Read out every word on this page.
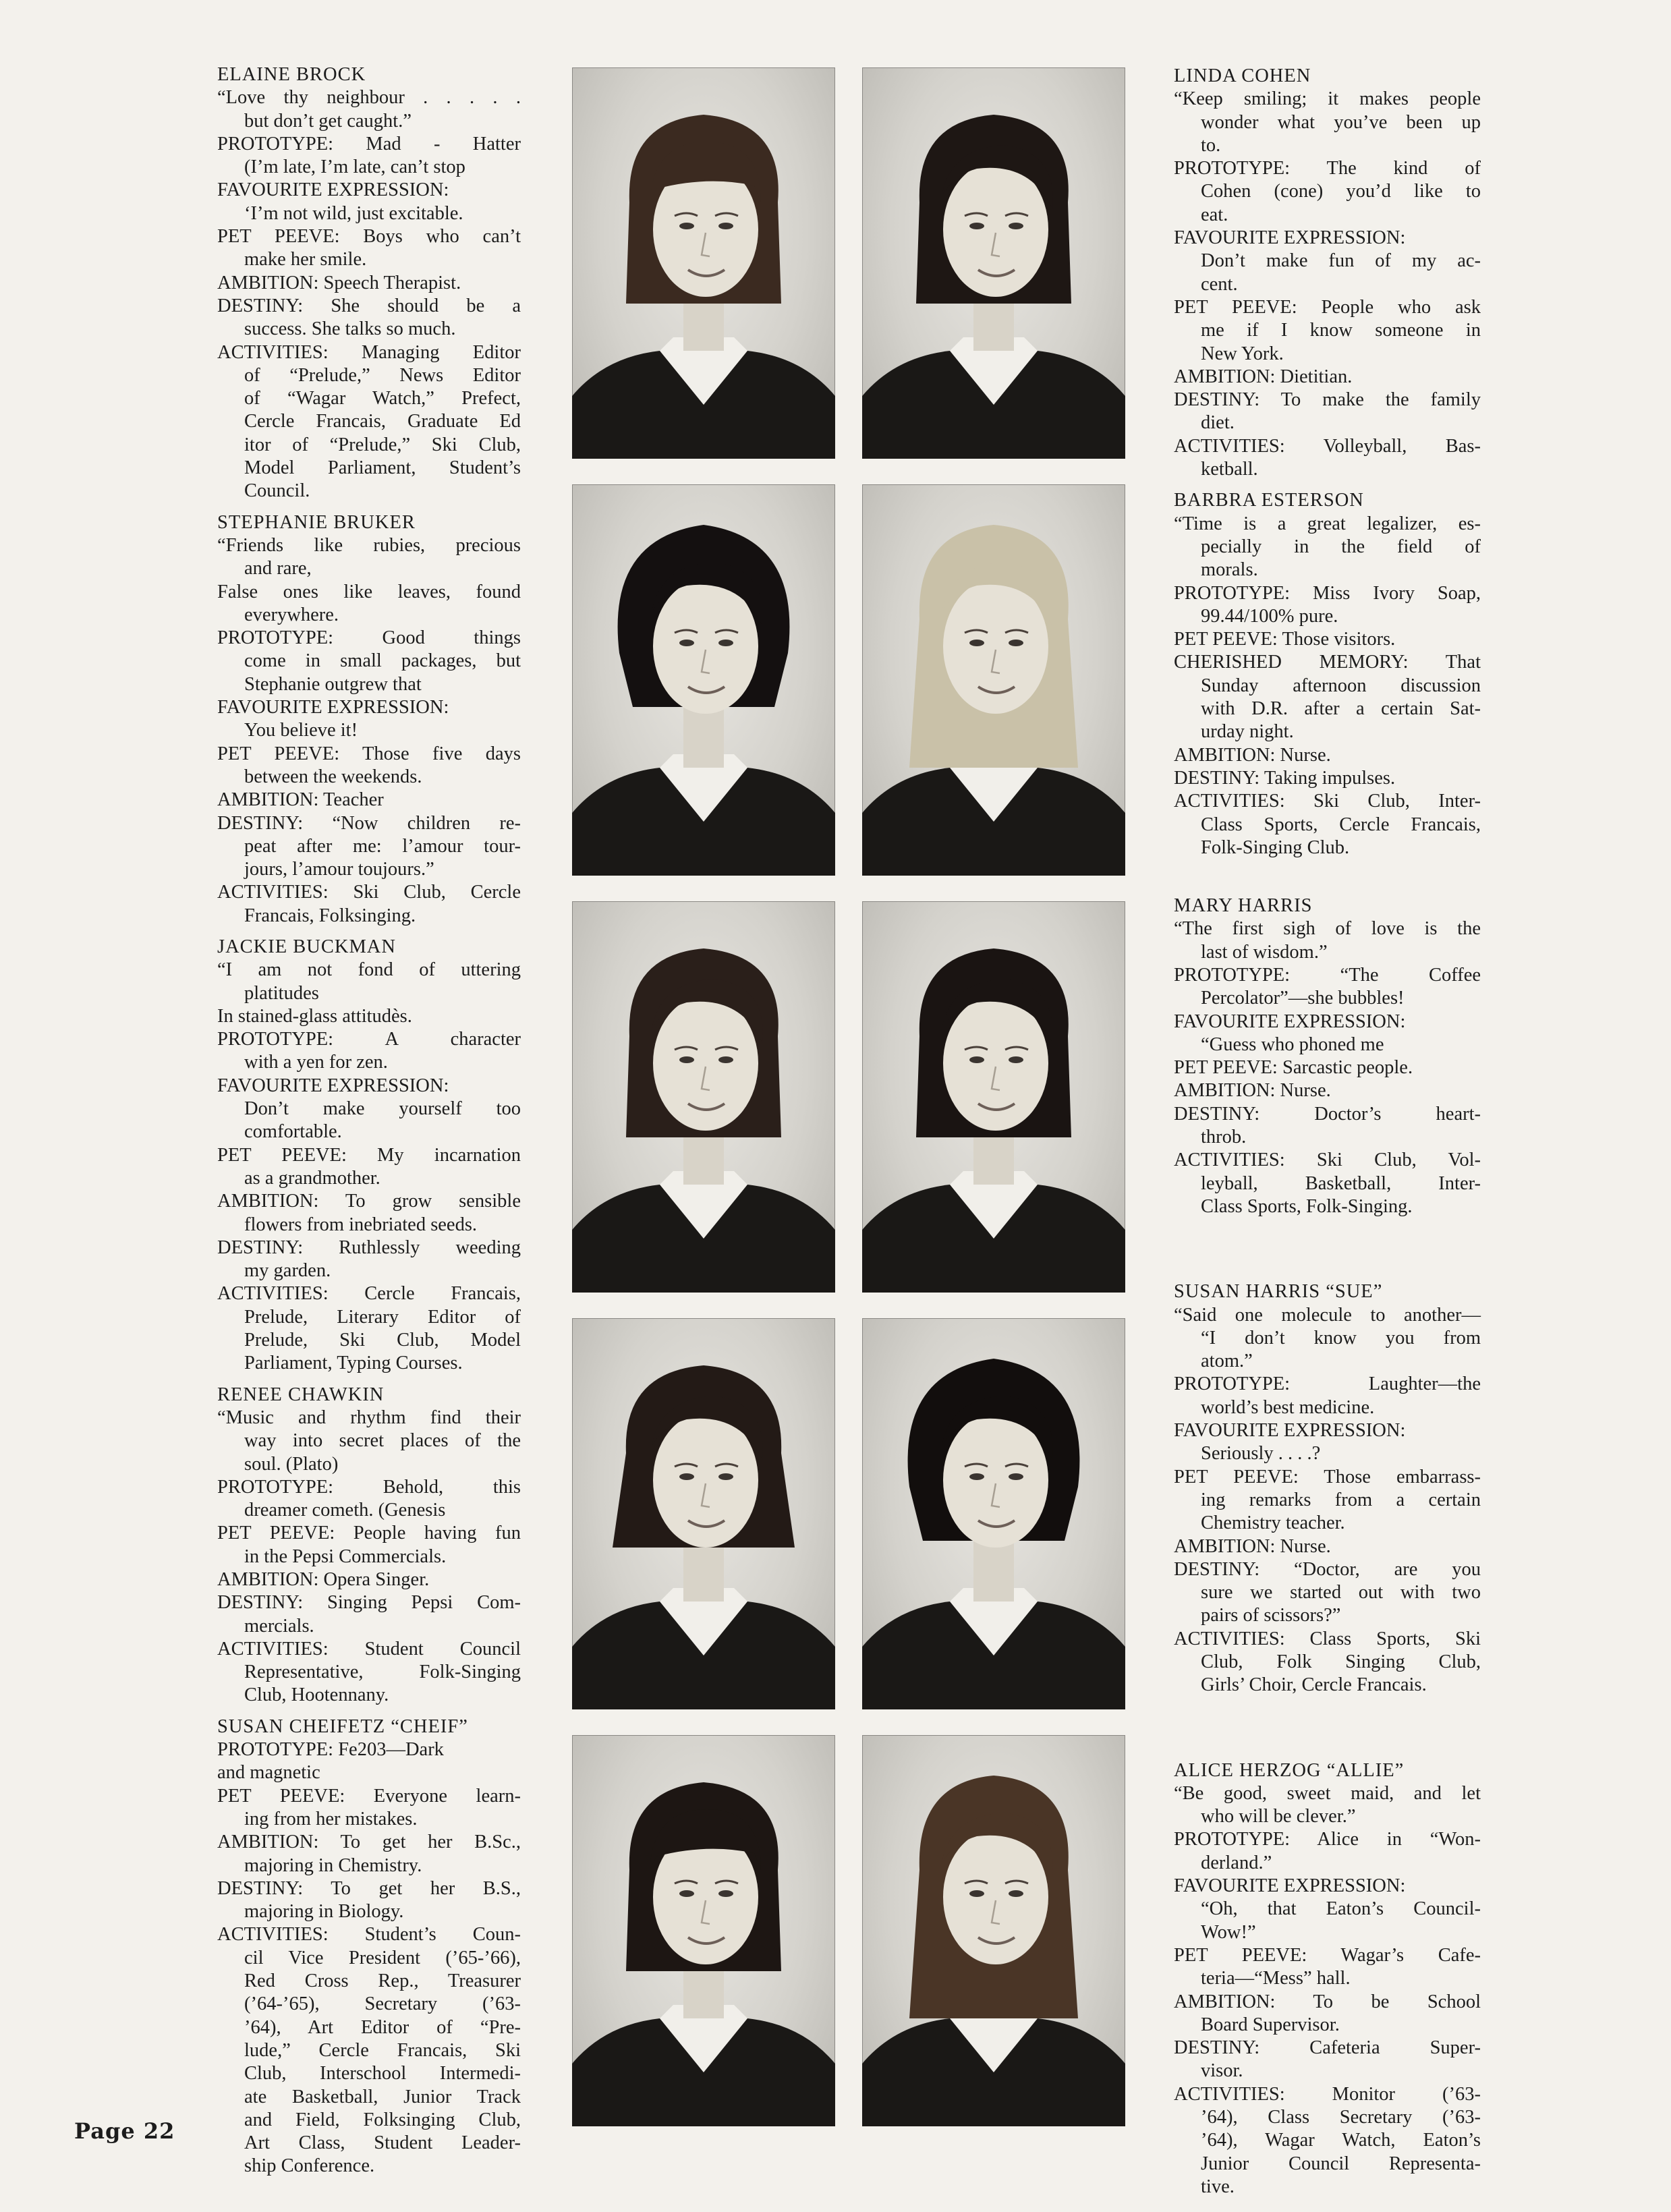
ELAINE BROCK
“Love thy neighbour . . . . .
but don’t get caught.”
PROTOTYPE: Mad - Hatter
(I’m late, I’m late, can’t stop
FAVOURITE EXPRESSION:
‘I’m not wild, just excitable.
PET PEEVE: Boys who can’t
make her smile.
AMBITION: Speech Therapist.
DESTINY: She should be a
success. She talks so much.
ACTIVITIES: Managing Editor
of “Prelude,” News Editor
of “Wagar Watch,” Prefect,
Cercle Francais, Graduate Ed
itor of “Prelude,” Ski Club,
Model Parliament, Student’s
Council.
STEPHANIE BRUKER
“Friends like rubies, precious
and rare,
False ones like leaves, found
everywhere.
PROTOTYPE: Good things
come in small packages, but
Stephanie outgrew that
FAVOURITE EXPRESSION:
You believe it!
PET PEEVE: Those five days
between the weekends.
AMBITION: Teacher
DESTINY: “Now children re-
peat after me: l’amour tour-
jours, l’amour toujours.”
ACTIVITIES: Ski Club, Cercle
Francais, Folksinging.
JACKIE BUCKMAN
“I am not fond of uttering
platitudes
In stained-glass attitudès.
PROTOTYPE: A character
with a yen for zen.
FAVOURITE EXPRESSION:
Don’t make yourself too
comfortable.
PET PEEVE: My incarnation
as a grandmother.
AMBITION: To grow sensible
flowers from inebriated seeds.
DESTINY: Ruthlessly weeding
my garden.
ACTIVITIES: Cercle Francais,
Prelude, Literary Editor of
Prelude, Ski Club, Model
Parliament, Typing Courses.
RENEE CHAWKIN
“Music and rhythm find their
way into secret places of the
soul. (Plato)
PROTOTYPE: Behold, this
dreamer cometh. (Genesis
PET PEEVE: People having fun
in the Pepsi Commercials.
AMBITION: Opera Singer.
DESTINY: Singing Pepsi Com-
mercials.
ACTIVITIES: Student Council
Representative, Folk-Singing
Club, Hootennany.
SUSAN CHEIFETZ “CHEIF”
PROTOTYPE: Fe203—Dark
and magnetic
PET PEEVE: Everyone learn-
ing from her mistakes.
AMBITION: To get her B.Sc.,
majoring in Chemistry.
DESTINY: To get her B.S.,
majoring in Biology.
ACTIVITIES: Student’s Coun-
cil Vice President (’65-’66),
Red Cross Rep., Treasurer
(’64-’65), Secretary (’63-
’64), Art Editor of “Pre-
lude,” Cercle Francais, Ski
Club, Interschool Intermedi-
ate Basketball, Junior Track
and Field, Folksinging Club,
Art Class, Student Leader-
ship Conference.
LINDA COHEN
“Keep smiling; it makes people
wonder what you’ve been up
to.
PROTOTYPE: The kind of
Cohen (cone) you’d like to
eat.
FAVOURITE EXPRESSION:
Don’t make fun of my ac-
cent.
PET PEEVE: People who ask
me if I know someone in
New York.
AMBITION: Dietitian.
DESTINY: To make the family
diet.
ACTIVITIES: Volleyball, Bas-
ketball.
BARBRA ESTERSON
“Time is a great legalizer, es-
pecially in the field of
morals.
PROTOTYPE: Miss Ivory Soap,
99.44/100% pure.
PET PEEVE: Those visitors.
CHERISHED MEMORY: That
Sunday afternoon discussion
with D.R. after a certain Sat-
urday night.
AMBITION: Nurse.
DESTINY: Taking impulses.
ACTIVITIES: Ski Club, Inter-
Class Sports, Cercle Francais,
Folk-Singing Club.
MARY HARRIS
“The first sigh of love is the
last of wisdom.”
PROTOTYPE: “The Coffee
Percolator”—she bubbles!
FAVOURITE EXPRESSION:
“Guess who phoned me
PET PEEVE: Sarcastic people.
AMBITION: Nurse.
DESTINY: Doctor’s heart-
throb.
ACTIVITIES: Ski Club, Vol-
leyball, Basketball, Inter-
Class Sports, Folk-Singing.
SUSAN HARRIS “SUE”
“Said one molecule to another—
“I don’t know you from
atom.”
PROTOTYPE: Laughter—the
world’s best medicine.
FAVOURITE EXPRESSION:
Seriously . . . .?
PET PEEVE: Those embarrass-
ing remarks from a certain
Chemistry teacher.
AMBITION: Nurse.
DESTINY: “Doctor, are you
sure we started out with two
pairs of scissors?”
ACTIVITIES: Class Sports, Ski
Club, Folk Singing Club,
Girls’ Choir, Cercle Francais.
ALICE HERZOG “ALLIE”
“Be good, sweet maid, and let
who will be clever.”
PROTOTYPE: Alice in “Won-
derland.”
FAVOURITE EXPRESSION:
“Oh, that Eaton’s Council-
Wow!”
PET PEEVE: Wagar’s Cafe-
teria—“Mess” hall.
AMBITION: To be School
Board Supervisor.
DESTINY: Cafeteria Super-
visor.
ACTIVITIES: Monitor (’63-
’64), Class Secretary (’63-
’64), Wagar Watch, Eaton’s
Junior Council Representa-
tive.
Page 22
